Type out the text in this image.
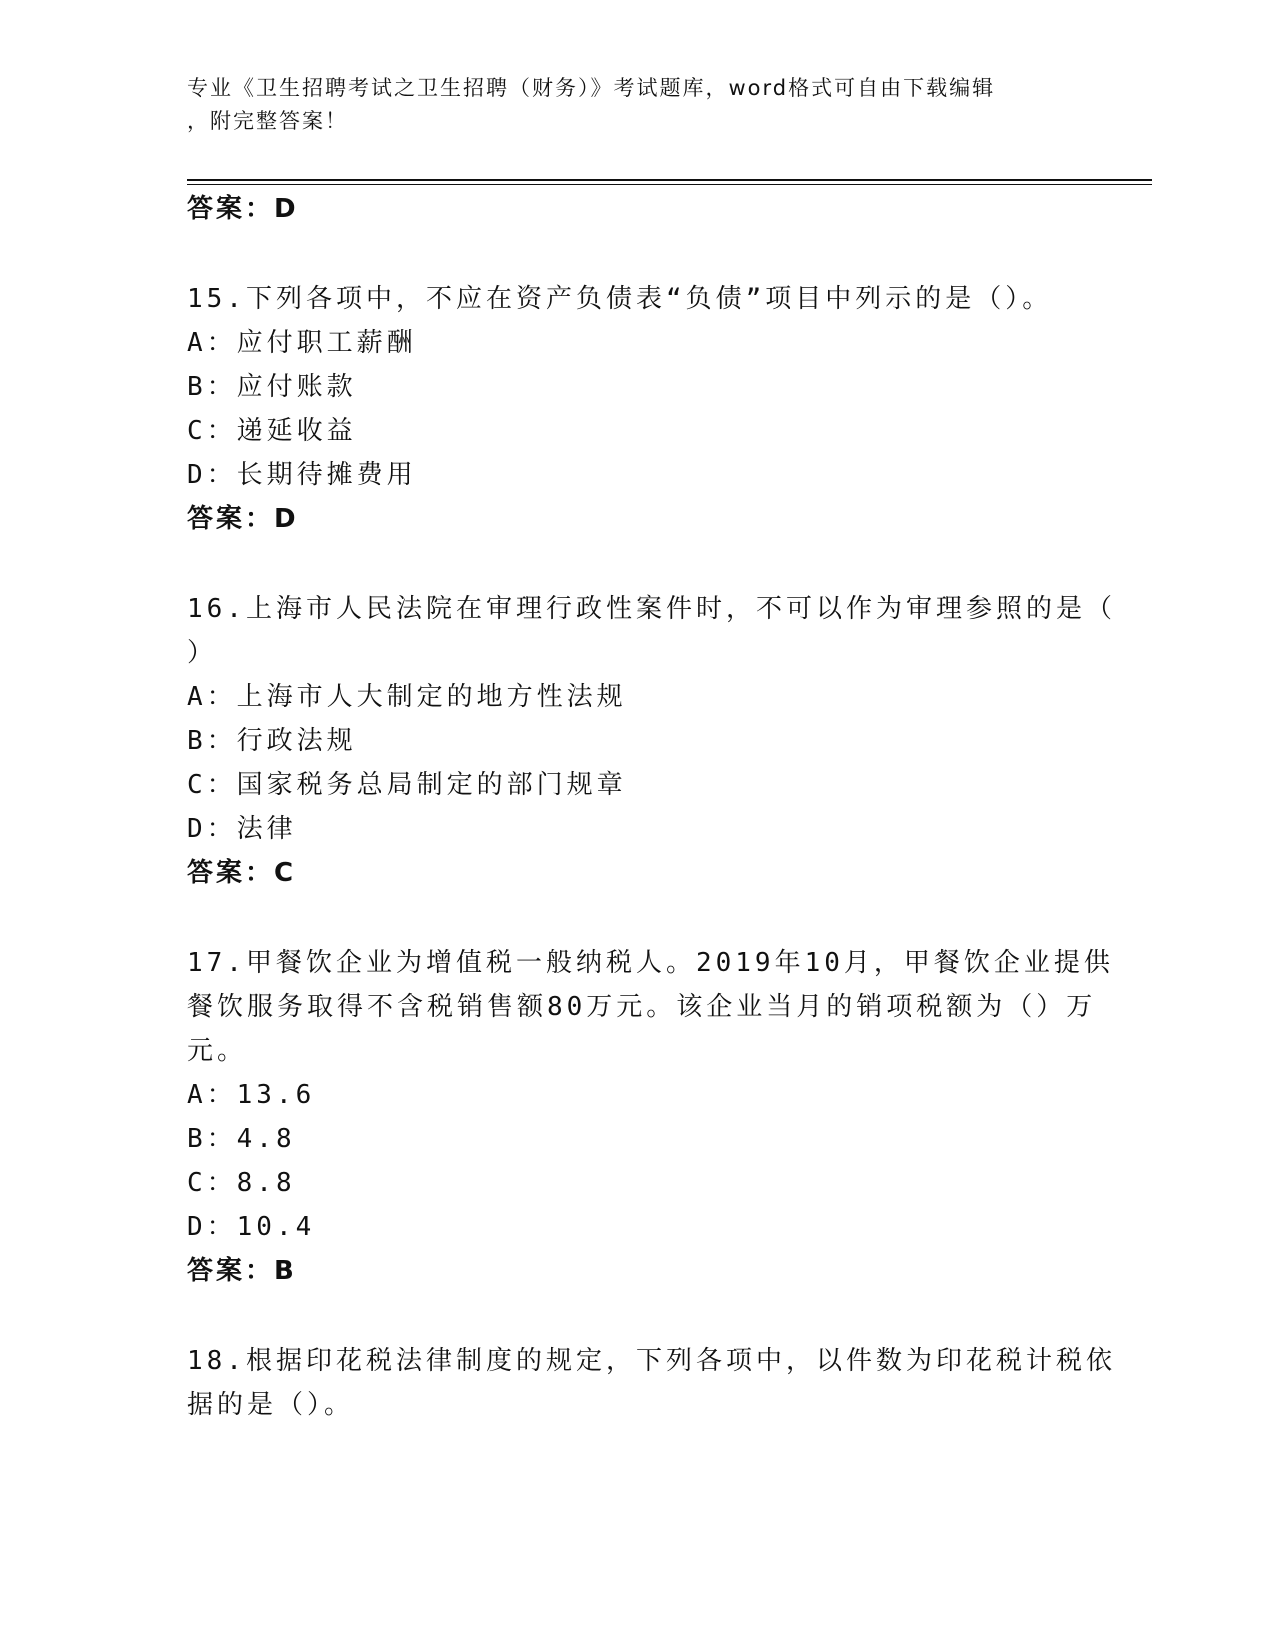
专业《卫生招聘考试之卫生招聘（财务）》考试题库，word格式可自由下载编辑
，附完整答案！
答案：D
15.下列各项中，不应在资产负债表“负债”项目中列示的是（）。
A：应付职工薪酬
B：应付账款
C：递延收益
D：长期待摊费用
答案：D
16.上海市人民法院在审理行政性案件时，不可以作为审理参照的是（
）
A：上海市人大制定的地方性法规
B：行政法规
C：国家税务总局制定的部门规章
D：法律
答案：C
17.甲餐饮企业为增值税一般纳税人。2019年10月，甲餐饮企业提供
餐饮服务取得不含税销售额80万元。该企业当月的销项税额为（）万
元。
A：13.6
B：4.8
C：8.8
D：10.4
答案：B
18.根据印花税法律制度的规定，下列各项中，以件数为印花税计税依
据的是（）。
